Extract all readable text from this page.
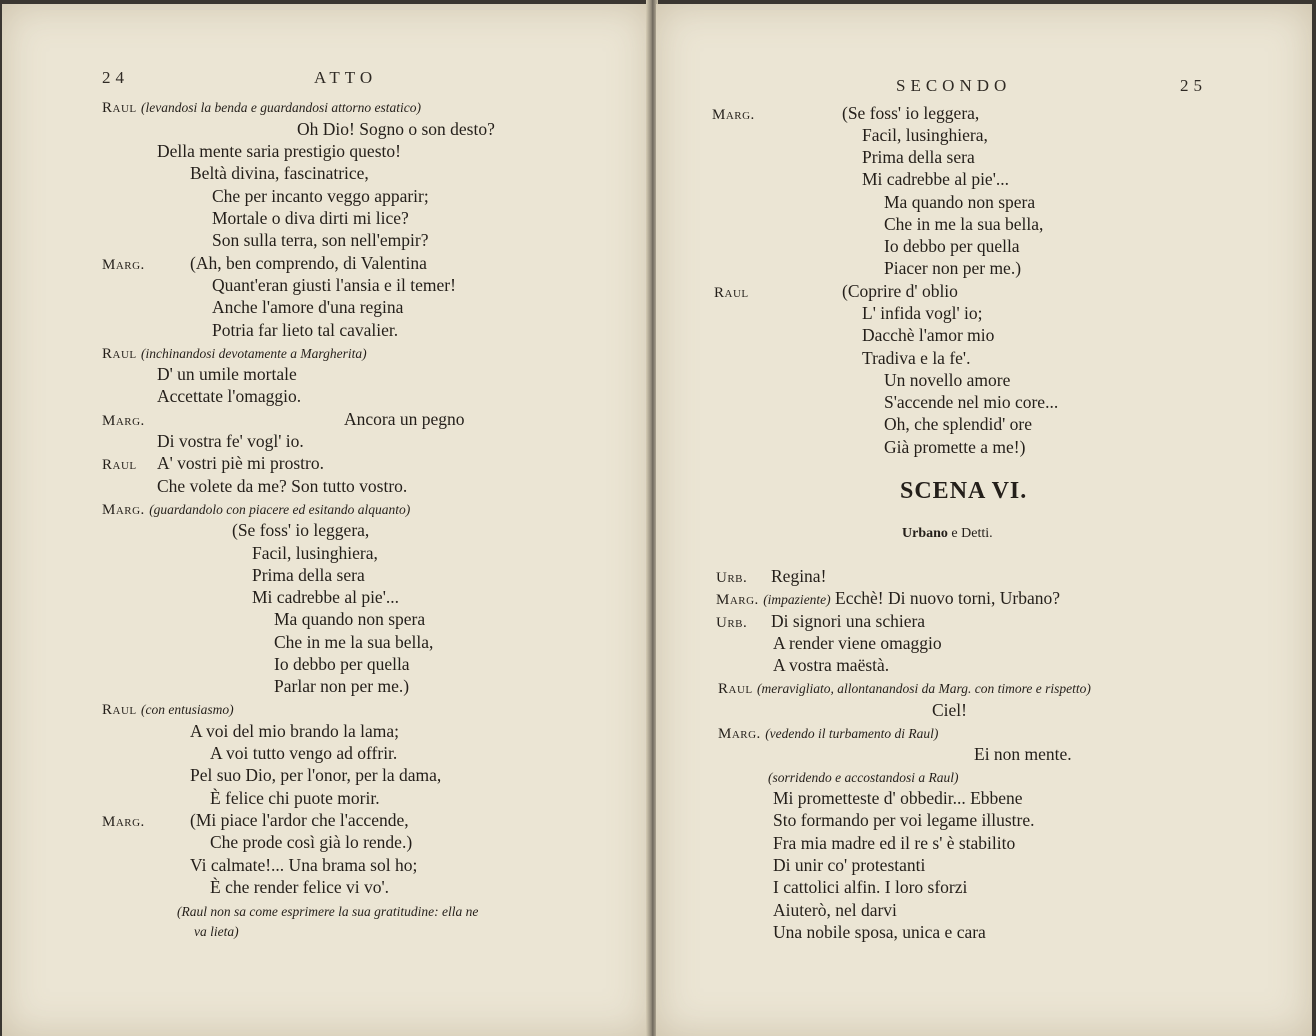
24	ATTO
Raul (levandosi la benda e guardandosi attorno estatico)
Oh Dio! Sogno o son desto?
Della mente saria prestigio questo!
Beltà divina, fascinatrice,
Che per incanto veggo apparir;
Mortale o diva dirti mi lice?
Son sulla terra, son nell'empir?
Marg.	(Ah, ben comprendo, di Valentina
Quant'eran giusti l'ansia e il temer!
Anche l'amore d'una regina
Potria far lieto tal cavalier.
Raul (inchinandosi devotamente a Margherita)
D' un umile mortale
Accettate l'omaggio.
Marg.	Ancora un pegno
Di vostra fe' vogl' io.
Raul A' vostri piè mi prostro.
Che volete da me? Son tutto vostro.
Marg. (guardandolo con piacere ed esitando alquanto)
(Se foss' io leggera,
Facil, lusinghiera,
Prima della sera
Mi cadrebbe al pie'...
Ma quando non spera
Che in me la sua bella,
Io debbo per quella
Parlar non per me.)
Raul (con entusiasmo)
A voi del mio brando la lama;
A voi tutto vengo ad offrir.
Pel suo Dio, per l'onor, per la dama,
È felice chi puote morir.
Marg.	(Mi piace l'ardor che l'accende,
Che prode così già lo rende.)
Vi calmate!... Una brama sol ho;
È che render felice vi vo'.
(Raul non sa come esprimere la sua gratitudine: ella ne
va lieta)
SECONDO	25
Marg.	(Se foss' io leggera,
Facil, lusinghiera,
Prima della sera
Mi cadrebbe al pie'...
Ma quando non spera
Che in me la sua bella,
Io debbo per quella
Piacer non per me.)
Raul	(Coprire d' oblio
L' infida vogl' io;
Dacchè l'amor mio
Tradiva e la fe'.
Un novello amore
S'accende nel mio core...
Oh, che splendid' ore
Già promette a me!)
SCENA VI.
Urbano e Detti.
Urb. Regina!
Marg. (impaziente) Ecchè! Di nuovo torni, Urbano?
Urb. Di signori una schiera
A render viene omaggio
A vostra maëstà.
Raul (meravigliato, allontanandosi da Marg. con timore e rispetto)
Ciel!
Marg. (vedendo il turbamento di Raul)
Ei non mente.
(sorridendo e accostandosi a Raul)
Mi prometteste d' obbedir... Ebbene
Sto formando per voi legame illustre.
Fra mia madre ed il re s' è stabilito
Di unir co' protestanti
I cattolici alfin. I loro sforzi
Aiuterò, nel darvi
Una nobile sposa, unica e cara
